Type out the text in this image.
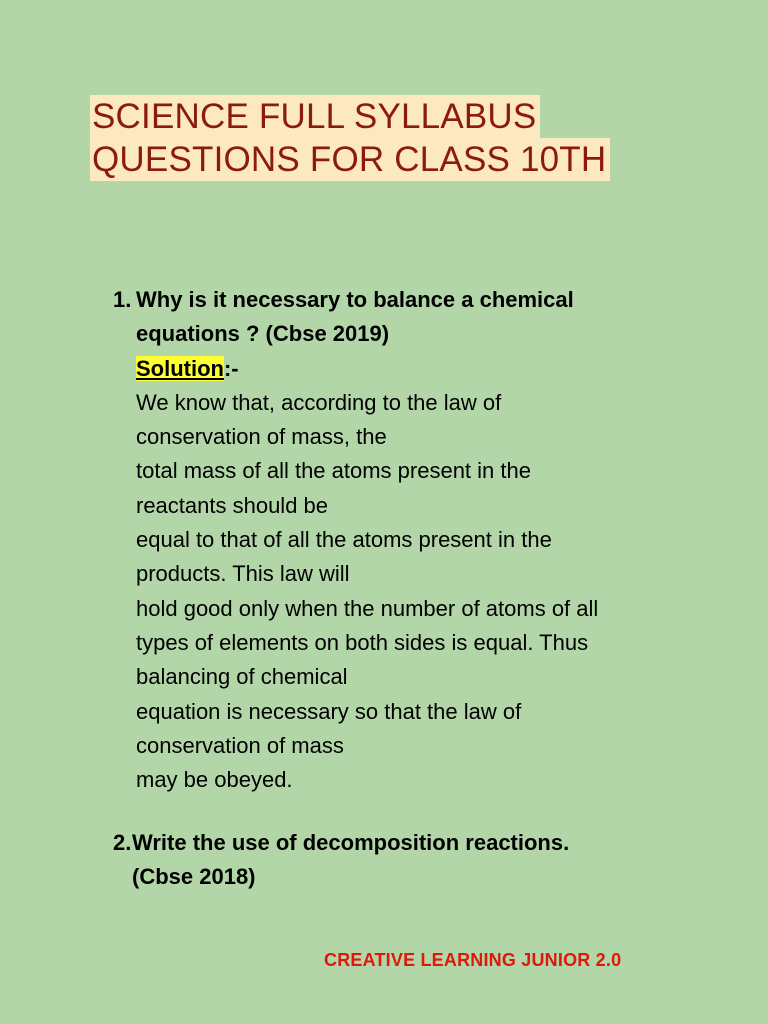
SCIENCE FULL SYLLABUS
QUESTIONS FOR CLASS 10TH
1. Why is it necessary to balance a chemical
equations ? (Cbse 2019)
Solution:-
We know that, according to the law of
conservation of mass, the
total mass of all the atoms present in the
reactants should be
equal to that of all the atoms present in the
products. This law will
hold good only when the number of atoms of all
types of elements on both sides is equal. Thus
balancing of chemical
equation is necessary so that the law of
conservation of mass
may be obeyed.
2. Write the use of decomposition reactions.
(Cbse 2018)
CREATIVE LEARNING JUNIOR 2.0
